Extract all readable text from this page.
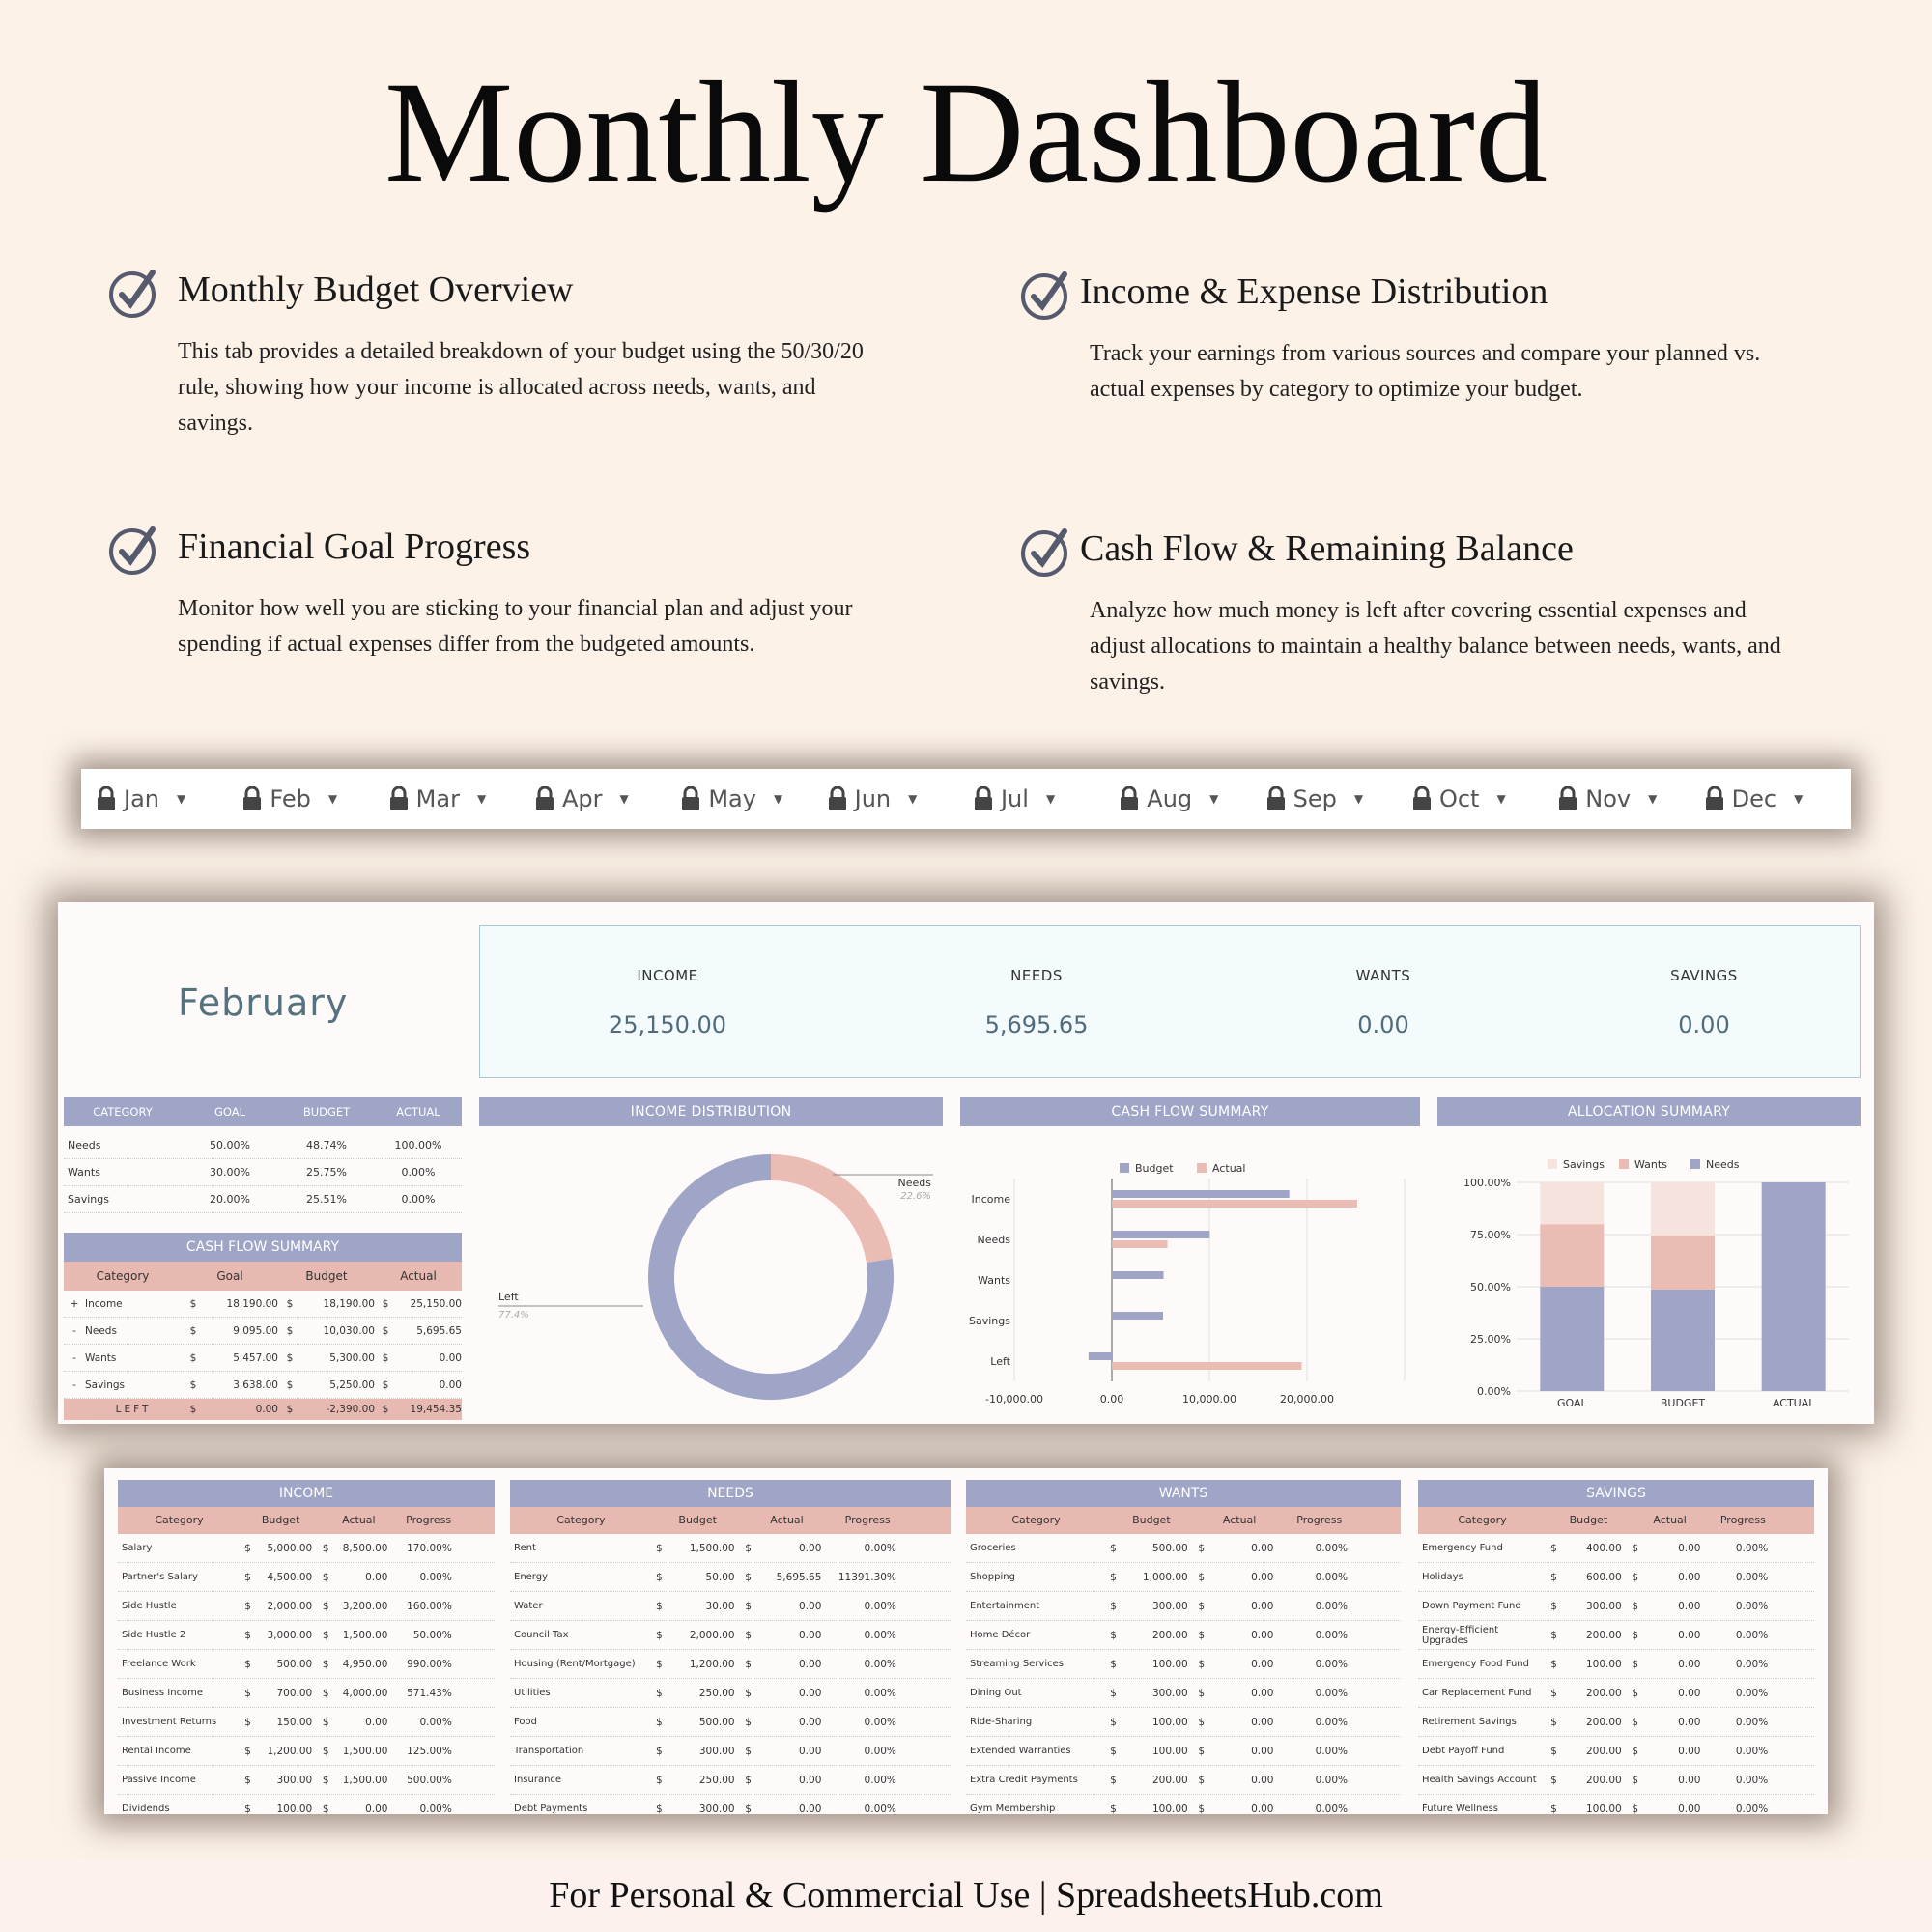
Monthly Dashboard
Monthly Budget Overview

This tab provides a detailed breakdown of your budget using the 50/30/20 rule, showing how your income is allocated across needs, wants, and savings.

Income & Expense Distribution

Track your earnings from various sources and compare your planned vs. actual expenses by category to optimize your budget.

Financial Goal Progress

Monitor how well you are sticking to your financial plan and adjust your spending if actual expenses differ from the budgeted amounts.

Cash Flow & Remaining Balance

Analyze how much money is left after covering essential expenses and adjust allocations to maintain a healthy balance between needs, wants, and savings.

Jan ▼	Feb ▼	Mar ▼	Apr ▼	May ▼	Jun ▼	Jul ▼	Aug ▼	Sep ▼	Oct ▼	Nov ▼	Dec ▼
February
INCOME
25,150.00
NEEDS
5,695.65
WANTS
0.00
SAVINGS
0.00
CATEGORY	GOAL	BUDGET	ACTUAL
Needs	50.00%	48.74%	100.00%
Wants	30.00%	25.75%	0.00%
Savings	20.00%	25.51%	0.00%
CASH FLOW SUMMARY
Category	Goal	Budget	Actual
+ Income	$	18,190.00 $	18,190.00 $	25,150.00
- Needs	$	9,095.00 $	10,030.00 $	5,695.65
- Wants	$	5,457.00 $	5,300.00 $	0.00
- Savings	$	3,638.00 $	5,250.00 $	0.00
LEFT	$	0.00 $	-2,390.00 $	19,454.35
INCOME DISTRIBUTION	CASH FLOW SUMMARY	ALLOCATION SUMMARY
Needs
22.6%
Left
77.4%
Budget	Actual
-10,000.00	0.00	10,000.00	20,000.00
Income
Needs
Wants
Savings
Left
Savings	Wants	Needs
0.00%
25.00%
50.00%
75.00%
100.00%
GOAL	BUDGET	ACTUAL
INCOME
Category	Budget	Actual	Progress
Salary	$	5,000.00	$	8,500.00	170.00%
Partner's Salary	$	4,500.00	$	0.00	0.00%
Side Hustle	$	2,000.00	$	3,200.00	160.00%
Side Hustle 2	$	3,000.00	$	1,500.00	50.00%
Freelance Work	$	500.00	$	4,950.00	990.00%
Business Income	$	700.00	$	4,000.00	571.43%
Investment Returns	$	150.00	$	0.00	0.00%
Rental Income	$	1,200.00	$	1,500.00	125.00%
Passive Income	$	300.00	$	1,500.00	500.00%
Dividends	$	100.00	$	0.00	0.00%
NEEDS
Category	Budget	Actual	Progress
Rent	$	1,500.00	$	0.00	0.00%
Energy	$	50.00	$	5,695.65	11391.30%
Water	$	30.00	$	0.00	0.00%
Council Tax	$	2,000.00	$	0.00	0.00%
Housing (Rent/Mortgage)	$	1,200.00	$	0.00	0.00%
Utilities	$	250.00	$	0.00	0.00%
Food	$	500.00	$	0.00	0.00%
Transportation	$	300.00	$	0.00	0.00%
Insurance	$	250.00	$	0.00	0.00%
Debt Payments	$	300.00	$	0.00	0.00%
WANTS
Category	Budget	Actual	Progress
Groceries	$	500.00	$	0.00	0.00%
Shopping	$	1,000.00	$	0.00	0.00%
Entertainment	$	300.00	$	0.00	0.00%
Home Décor	$	200.00	$	0.00	0.00%
Streaming Services	$	100.00	$	0.00	0.00%
Dining Out	$	300.00	$	0.00	0.00%
Ride-Sharing	$	100.00	$	0.00	0.00%
Extended Warranties	$	100.00	$	0.00	0.00%
Extra Credit Payments	$	200.00	$	0.00	0.00%
Gym Membership	$	100.00	$	0.00	0.00%
SAVINGS
Category	Budget	Actual	Progress
Emergency Fund	$	400.00	$	0.00	0.00%
Holidays	$	600.00	$	0.00	0.00%
Down Payment Fund	$	300.00	$	0.00	0.00%
Energy-Efficient Upgrades	$	200.00	$	0.00	0.00%
Emergency Food Fund	$	100.00	$	0.00	0.00%
Car Replacement Fund	$	200.00	$	0.00	0.00%
Retirement Savings	$	200.00	$	0.00	0.00%
Debt Payoff Fund	$	200.00	$	0.00	0.00%
Health Savings Account	$	200.00	$	0.00	0.00%
Future Wellness	$	100.00	$	0.00	0.00%
For Personal & Commercial Use | SpreadsheetsHub.com
